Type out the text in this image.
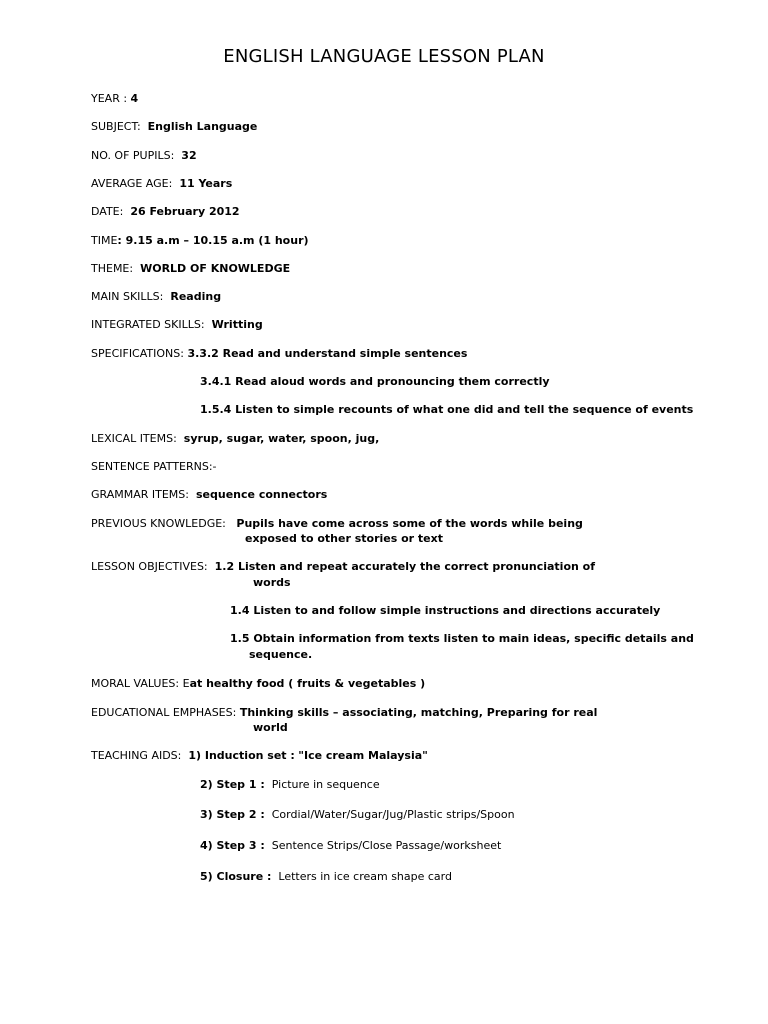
ENGLISH LANGUAGE LESSON PLAN
YEAR : 4
SUBJECT: English Language
NO. OF PUPILS: 32
AVERAGE AGE: 11 Years
DATE: 26 February 2012
TIME: 9.15 a.m – 10.15 a.m (1 hour)
THEME: WORLD OF KNOWLEDGE
MAIN SKILLS: Reading
INTEGRATED SKILLS: Writting
SPECIFICATIONS: 3.3.2 Read and understand simple sentences
3.4.1 Read aloud words and pronouncing them correctly
1.5.4 Listen to simple recounts of what one did and tell the sequence of events
LEXICAL ITEMS: syrup, sugar, water, spoon, jug,
SENTENCE PATTERNS:-
GRAMMAR ITEMS: sequence connectors
PREVIOUS KNOWLEDGE: Pupils have come across some of the words while being
exposed to other stories or text
LESSON OBJECTIVES: 1.2 Listen and repeat accurately the correct pronunciation of
words
1.4 Listen to and follow simple instructions and directions accurately
1.5 Obtain information from texts listen to main ideas, specific details and
sequence.
MORAL VALUES: Eat healthy food ( fruits & vegetables )
EDUCATIONAL EMPHASES: Thinking skills – associating, matching, Preparing for real
world
TEACHING AIDS: 1) Induction set : "Ice cream Malaysia"
2) Step 1 : Picture in sequence
3) Step 2 : Cordial/Water/Sugar/Jug/Plastic strips/Spoon
4) Step 3 : Sentence Strips/Close Passage/worksheet
5) Closure : Letters in ice cream shape card
